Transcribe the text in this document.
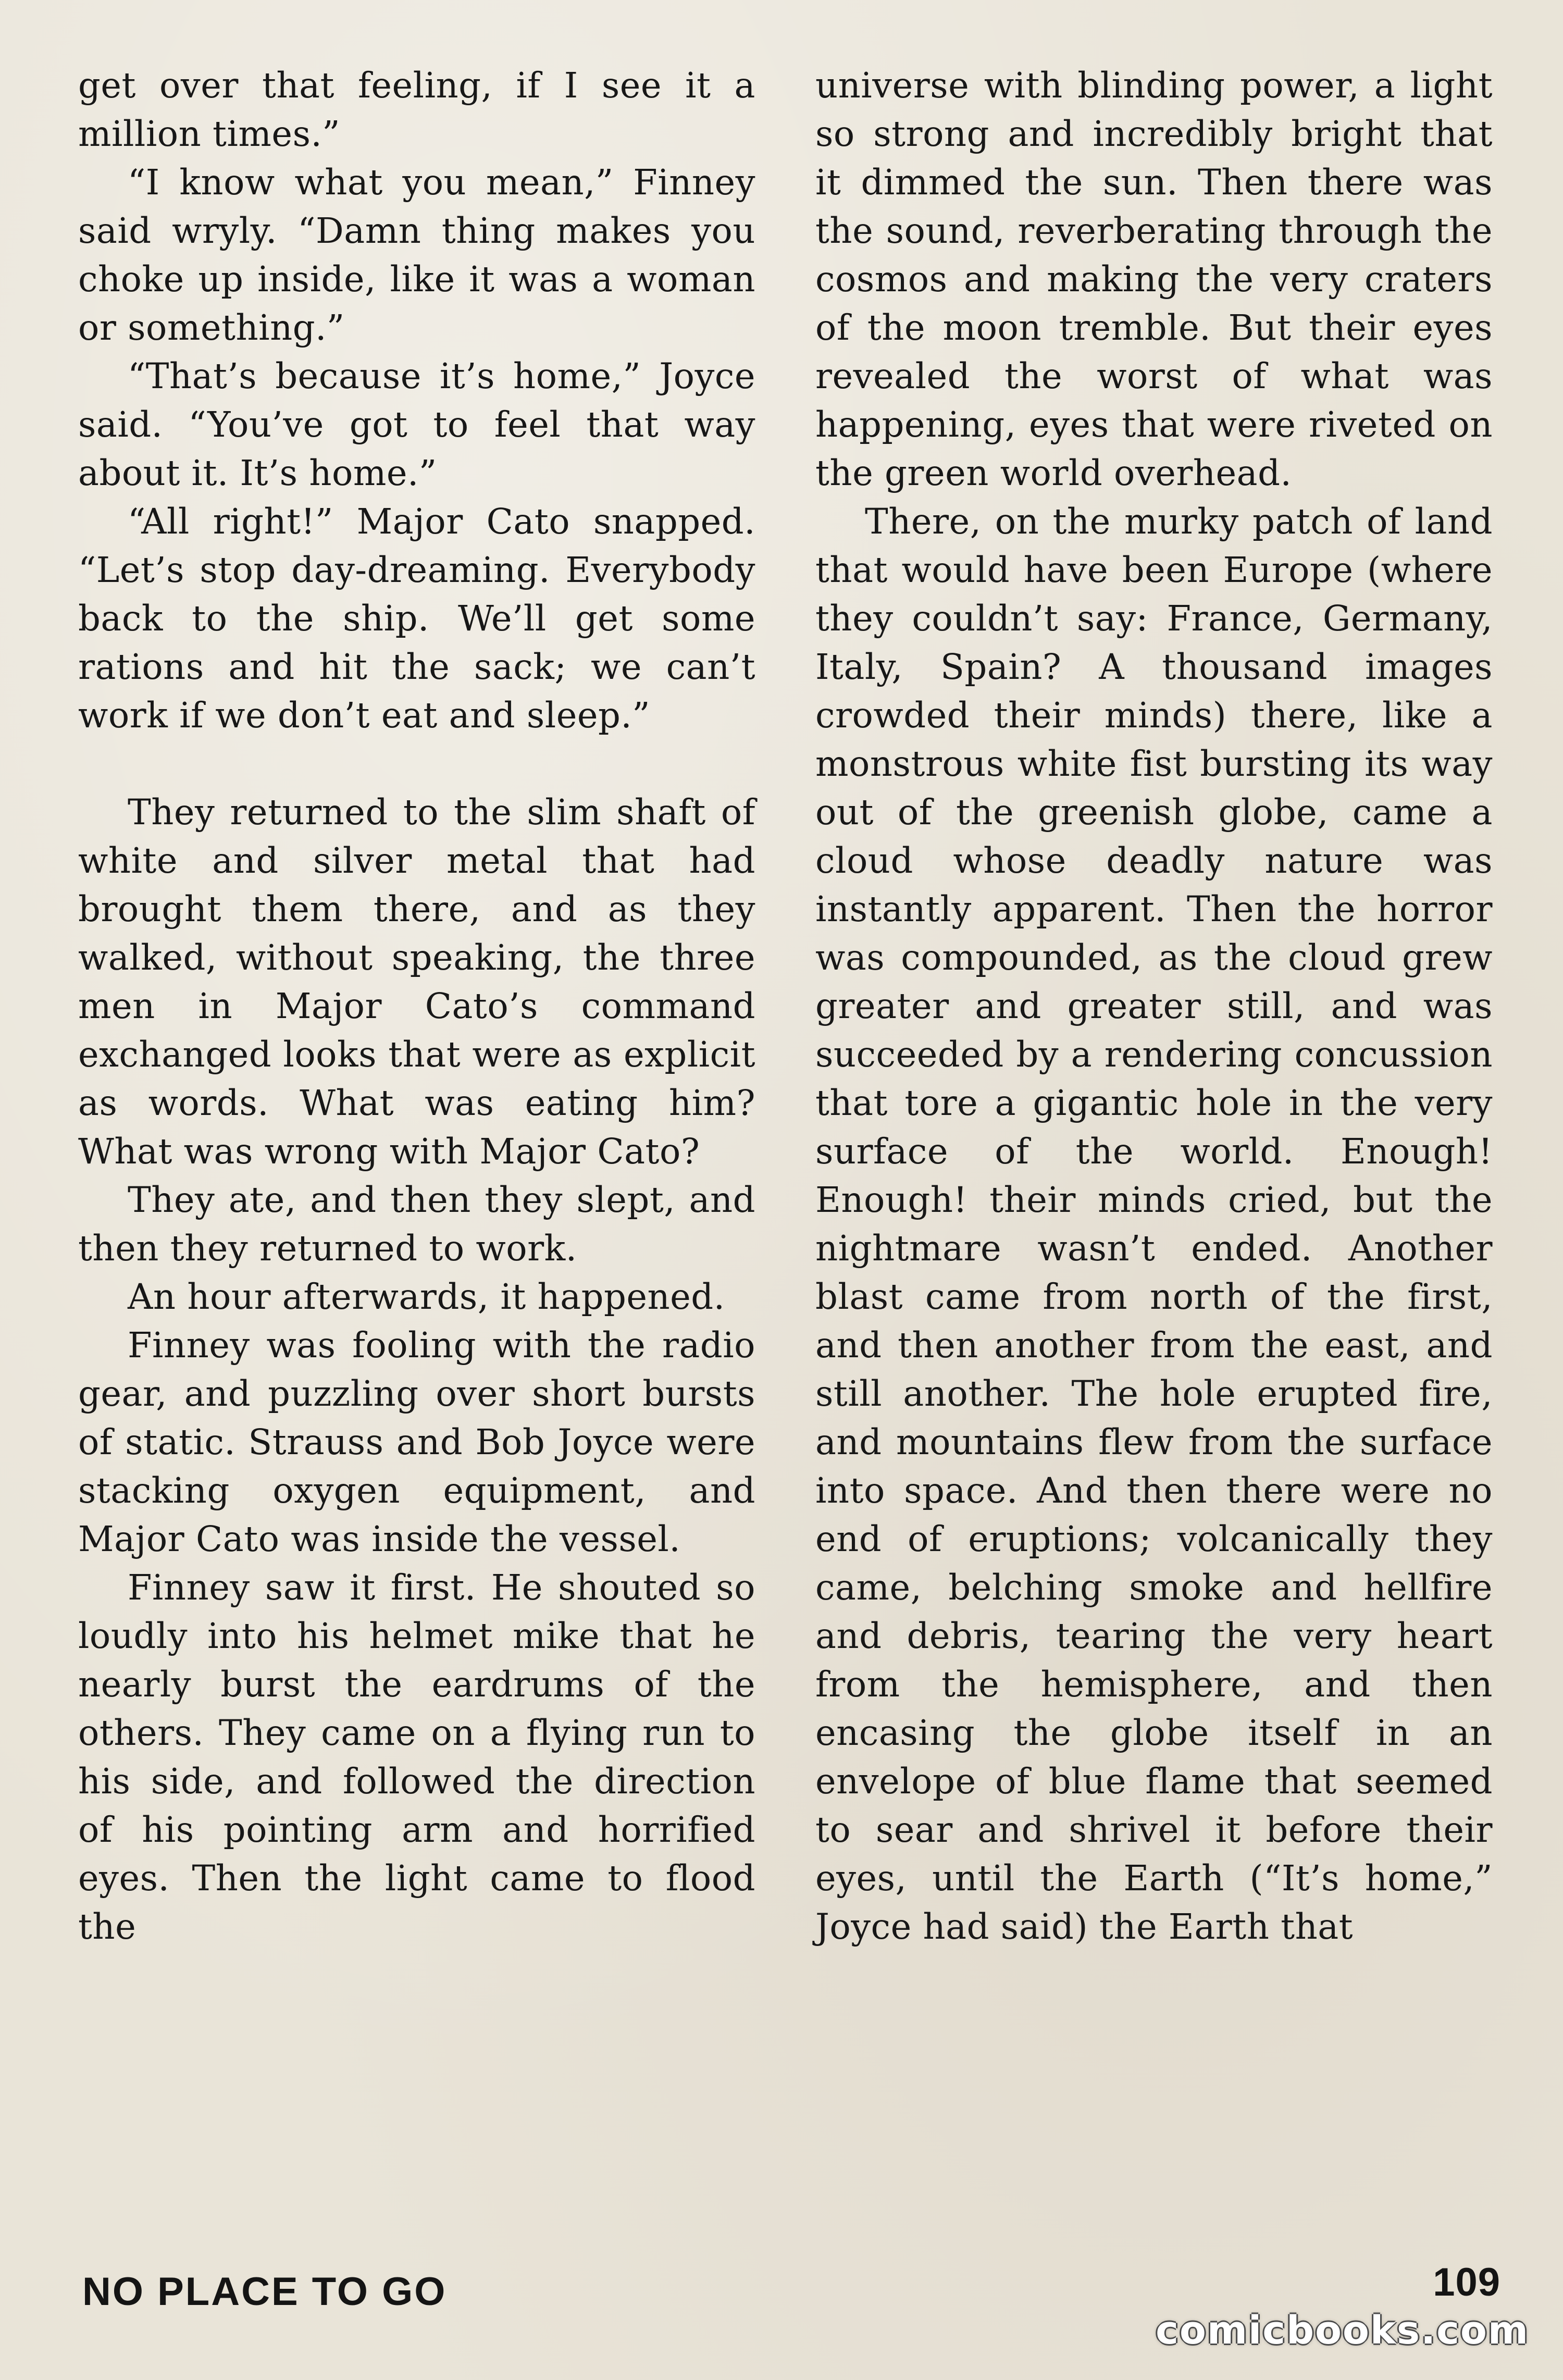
get over that feeling, if I see it a million times.”

“I know what you mean,” Finney said wryly. “Damn thing makes you choke up inside, like it was a woman or something.”

“That’s because it’s home,” Joyce said. “You’ve got to feel that way about it. It’s home.”

“All right!” Major Cato snapped. “Let’s stop day-dreaming. Everybody back to the ship. We’ll get some rations and hit the sack; we can’t work if we don’t eat and sleep.”

They returned to the slim shaft of white and silver metal that had brought them there, and as they walked, without speaking, the three men in Major Cato’s command exchanged looks that were as explicit as words. What was eating him? What was wrong with Major Cato?

They ate, and then they slept, and then they returned to work.

An hour afterwards, it happened.

Finney was fooling with the radio gear, and puzzling over short bursts of static. Strauss and Bob Joyce were stacking oxygen equipment, and Major Cato was inside the vessel.

Finney saw it first. He shouted so loudly into his helmet mike that he nearly burst the eardrums of the others. They came on a flying run to his side, and followed the direction of his pointing arm and horrified eyes. Then the light came to flood the

universe with blinding power, a light so strong and incredibly bright that it dimmed the sun. Then there was the sound, reverberating through the cosmos and making the very craters of the moon tremble. But their eyes revealed the worst of what was happening, eyes that were riveted on the green world overhead.

There, on the murky patch of land that would have been Europe (where they couldn’t say: France, Germany, Italy, Spain? A thousand images crowded their minds) there, like a monstrous white fist bursting its way out of the greenish globe, came a cloud whose deadly nature was instantly apparent. Then the horror was compounded, as the cloud grew greater and greater still, and was succeeded by a rendering concussion that tore a gigantic hole in the very surface of the world. Enough! Enough! their minds cried, but the nightmare wasn’t ended. Another blast came from north of the first, and then another from the east, and still another. The hole erupted fire, and mountains flew from the surface into space. And then there were no end of eruptions; volcanically they came, belching smoke and hellfire and debris, tearing the very heart from the hemisphere, and then encasing the globe itself in an envelope of blue flame that seemed to sear and shrivel it before their eyes, until the Earth (“It’s home,” Joyce had said) the Earth that

NO PLACE TO GO	109
comicbooks.com
